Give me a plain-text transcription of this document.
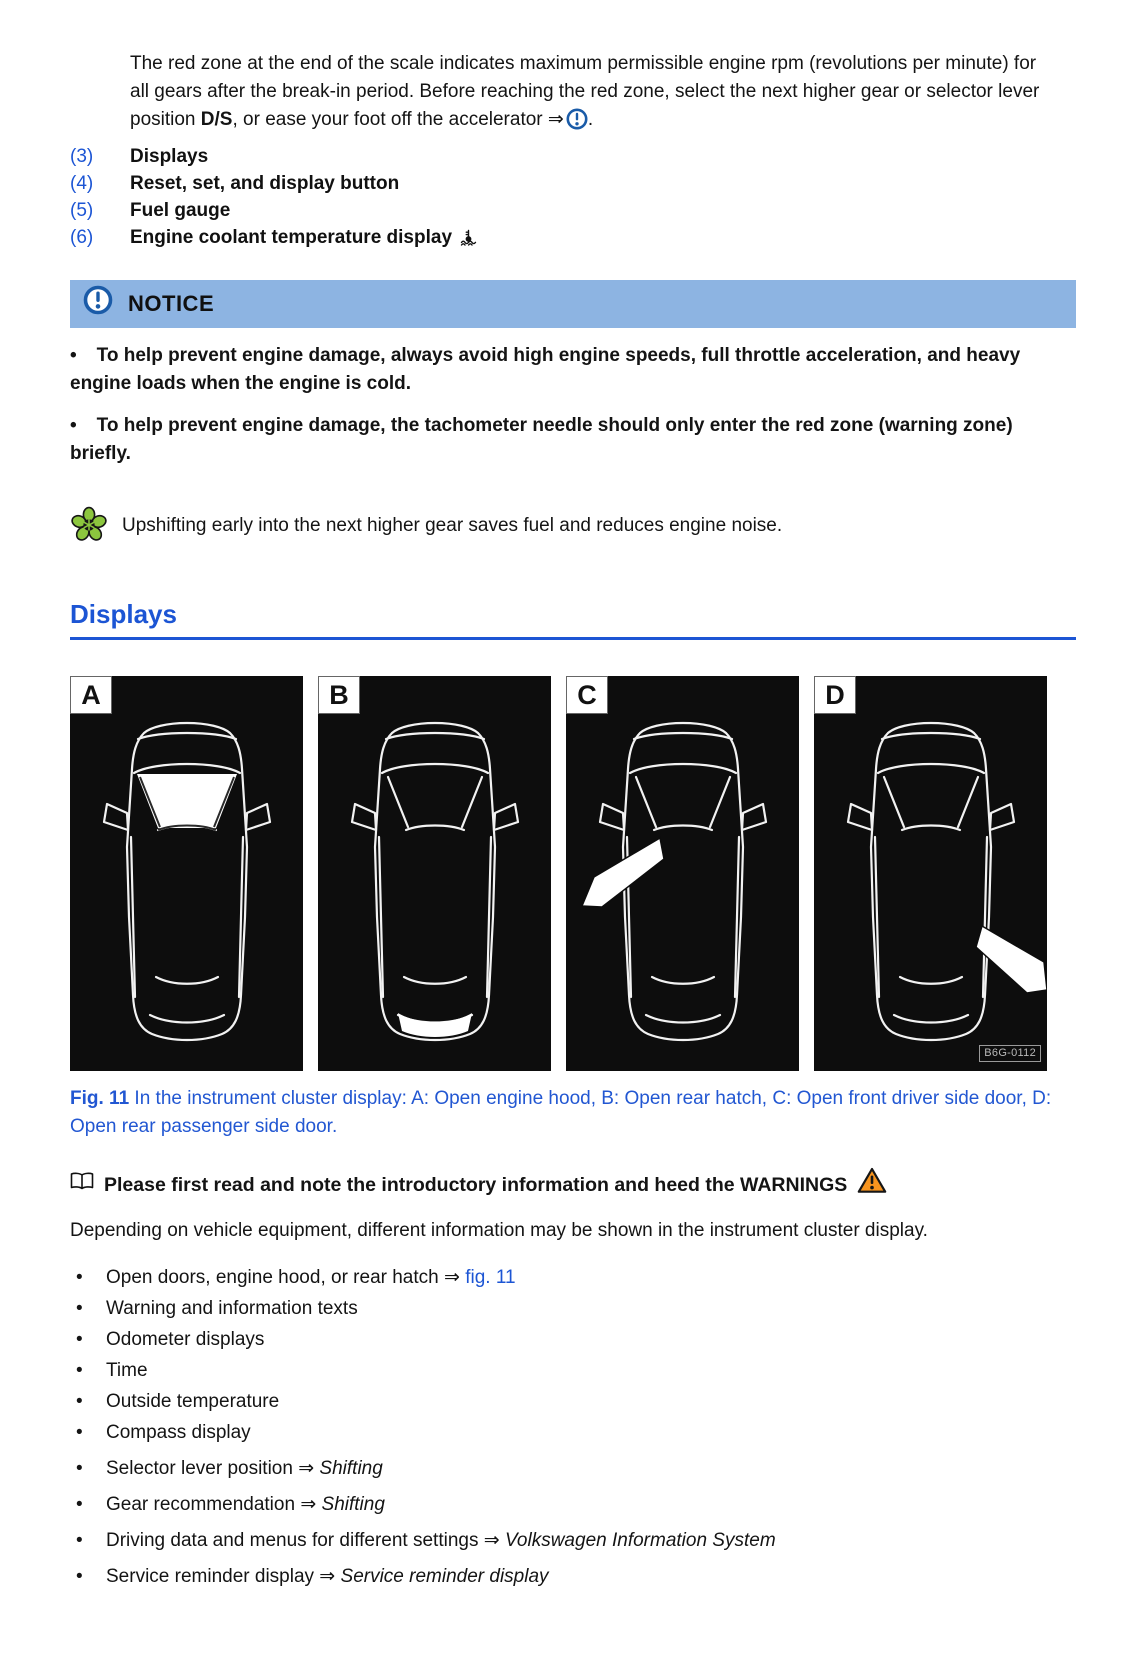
The red zone at the end of the scale indicates maximum permissible engine rpm (revolutions per minute) for all gears after the break-in period. Before reaching the red zone, select the next higher gear or selector lever position D/S, or ease your foot off the accelerator ⇒ .

(3)	Displays
(4)	Reset, set, and display button
(5)	Fuel gauge
(6)	Engine coolant temperature display
NOTICE

• To help prevent engine damage, always avoid high engine speeds, full throttle acceleration, and heavy engine loads when the engine is cold.

• To help prevent engine damage, the tachometer needle should only enter the red zone (warning zone) briefly.

Upshifting early into the next higher gear saves fuel and reduces engine noise.

Displays
A	B	C	D
B6G-0112

Fig. 11 In the instrument cluster display: A: Open engine hood, B: Open rear hatch, C: Open front driver side door, D: Open rear passenger side door.

Please first read and note the introductory information and heed the WARNINGS

Depending on vehicle equipment, different information may be shown in the instrument cluster display.

•	Open doors, engine hood, or rear hatch ⇒ fig. 11
•	Warning and information texts
•	Odometer displays
•	Time
•	Outside temperature
•	Compass display
•	Selector lever position ⇒ Shifting
•	Gear recommendation ⇒ Shifting
•	Driving data and menus for different settings ⇒ Volkswagen Information System
•	Service reminder display ⇒ Service reminder display
